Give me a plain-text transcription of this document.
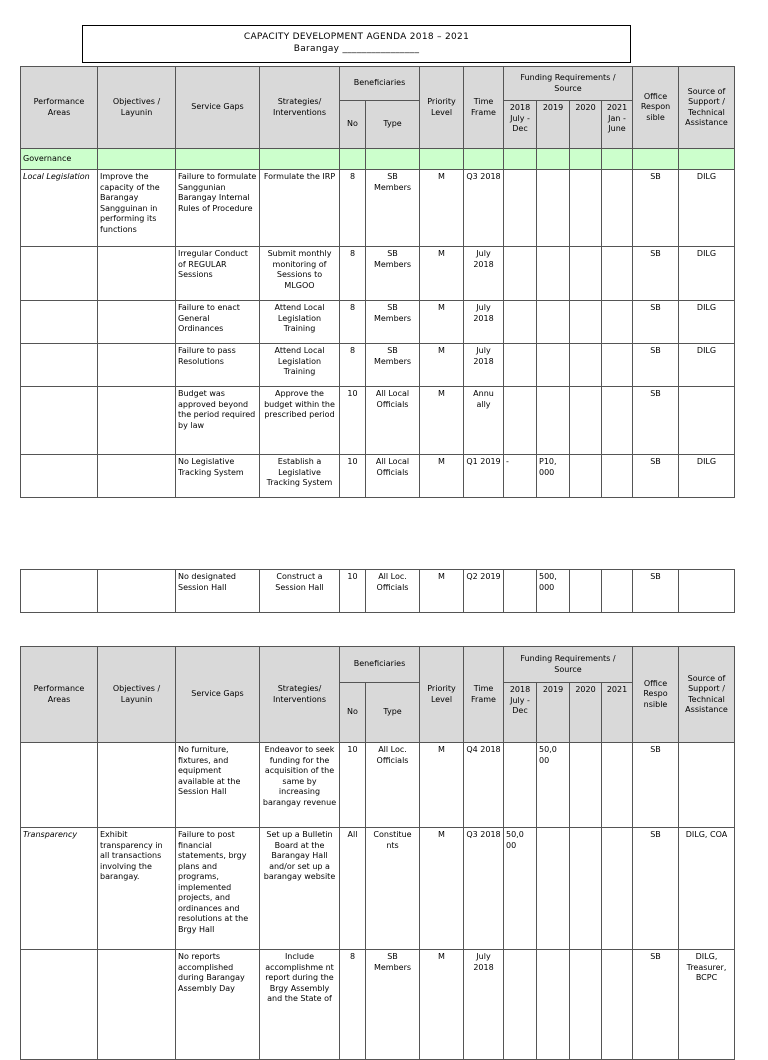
CAPACITY DEVELOPMENT AGENDA 2018 – 2021
Barangay ________________
Performance Areas	Objectives / Layunin	Service Gaps	Strategies/ Interventions	Beneficiaries		Priority Level	Time Frame	Funding Requirements / Source				Office Respon sible	Source of Support / Technical Assistance
				No	Type			2018 July - Dec	2019	2020	2021 Jan - June		
Governance													
Local Legislation	Improve the capacity of the Barangay Sangguinan in performing its functions	Failure to formulate Sanggunian Barangay Internal Rules of Procedure	Formulate the IRP	8	SB Members	M	Q3 2018					SB	DILG
		Irregular Conduct of REGULAR Sessions	Submit monthly monitoring of Sessions to MLGOO	8	SB Members	M	July 2018					SB	DILG
		Failure to enact General Ordinances	Attend Local Legislation Training	8	SB Members	M	July 2018					SB	DILG
		Failure to pass Resolutions	Attend Local Legislation Training	8	SB Members	M	July 2018					SB	DILG
		Budget was approved beyond the period required by law	Approve the budget within the prescribed period	10	All Local Officials	M	Annu ally					SB	
		No Legislative Tracking System	Establish a Legislative Tracking System	10	All Local Officials	M	Q1 2019	-	P10, 000			SB	DILG
		No designated Session Hall	Construct a Session Hall	10	All Loc. Officials	M	Q2 2019		500, 000			SB	
Performance Areas	Objectives / Layunin	Service Gaps	Strategies/ Interventions	Beneficiaries		Priority Level	Time Frame	Funding Requirements / Source				Office Respo nsible	Source of Support / Technical Assistance
				No	Type			2018 July - Dec	2019	2020	2021		
		No furniture, fixtures, and equipment available at the Session Hall	Endeavor to seek funding for the acquisition of the same by increasing barangay revenue	10	All Loc. Officials	M	Q4 2018		50,0 00			SB	
Transparency	Exhibit transparency in all transactions involving the barangay.	Failure to post financial statements, brgy plans and programs, implemented projects, and ordinances and resolutions at the Brgy Hall	Set up a Bulletin Board at the Barangay Hall and/or set up a barangay website	All	Constitue nts	M	Q3 2018	50,0 00				SB	DILG, COA
		No reports accomplished during Barangay Assembly Day	Include accomplishme nt report during the Brgy Assembly and the State of	8	SB Members	M	July 2018					SB	DILG, Treasurer, BCPC
